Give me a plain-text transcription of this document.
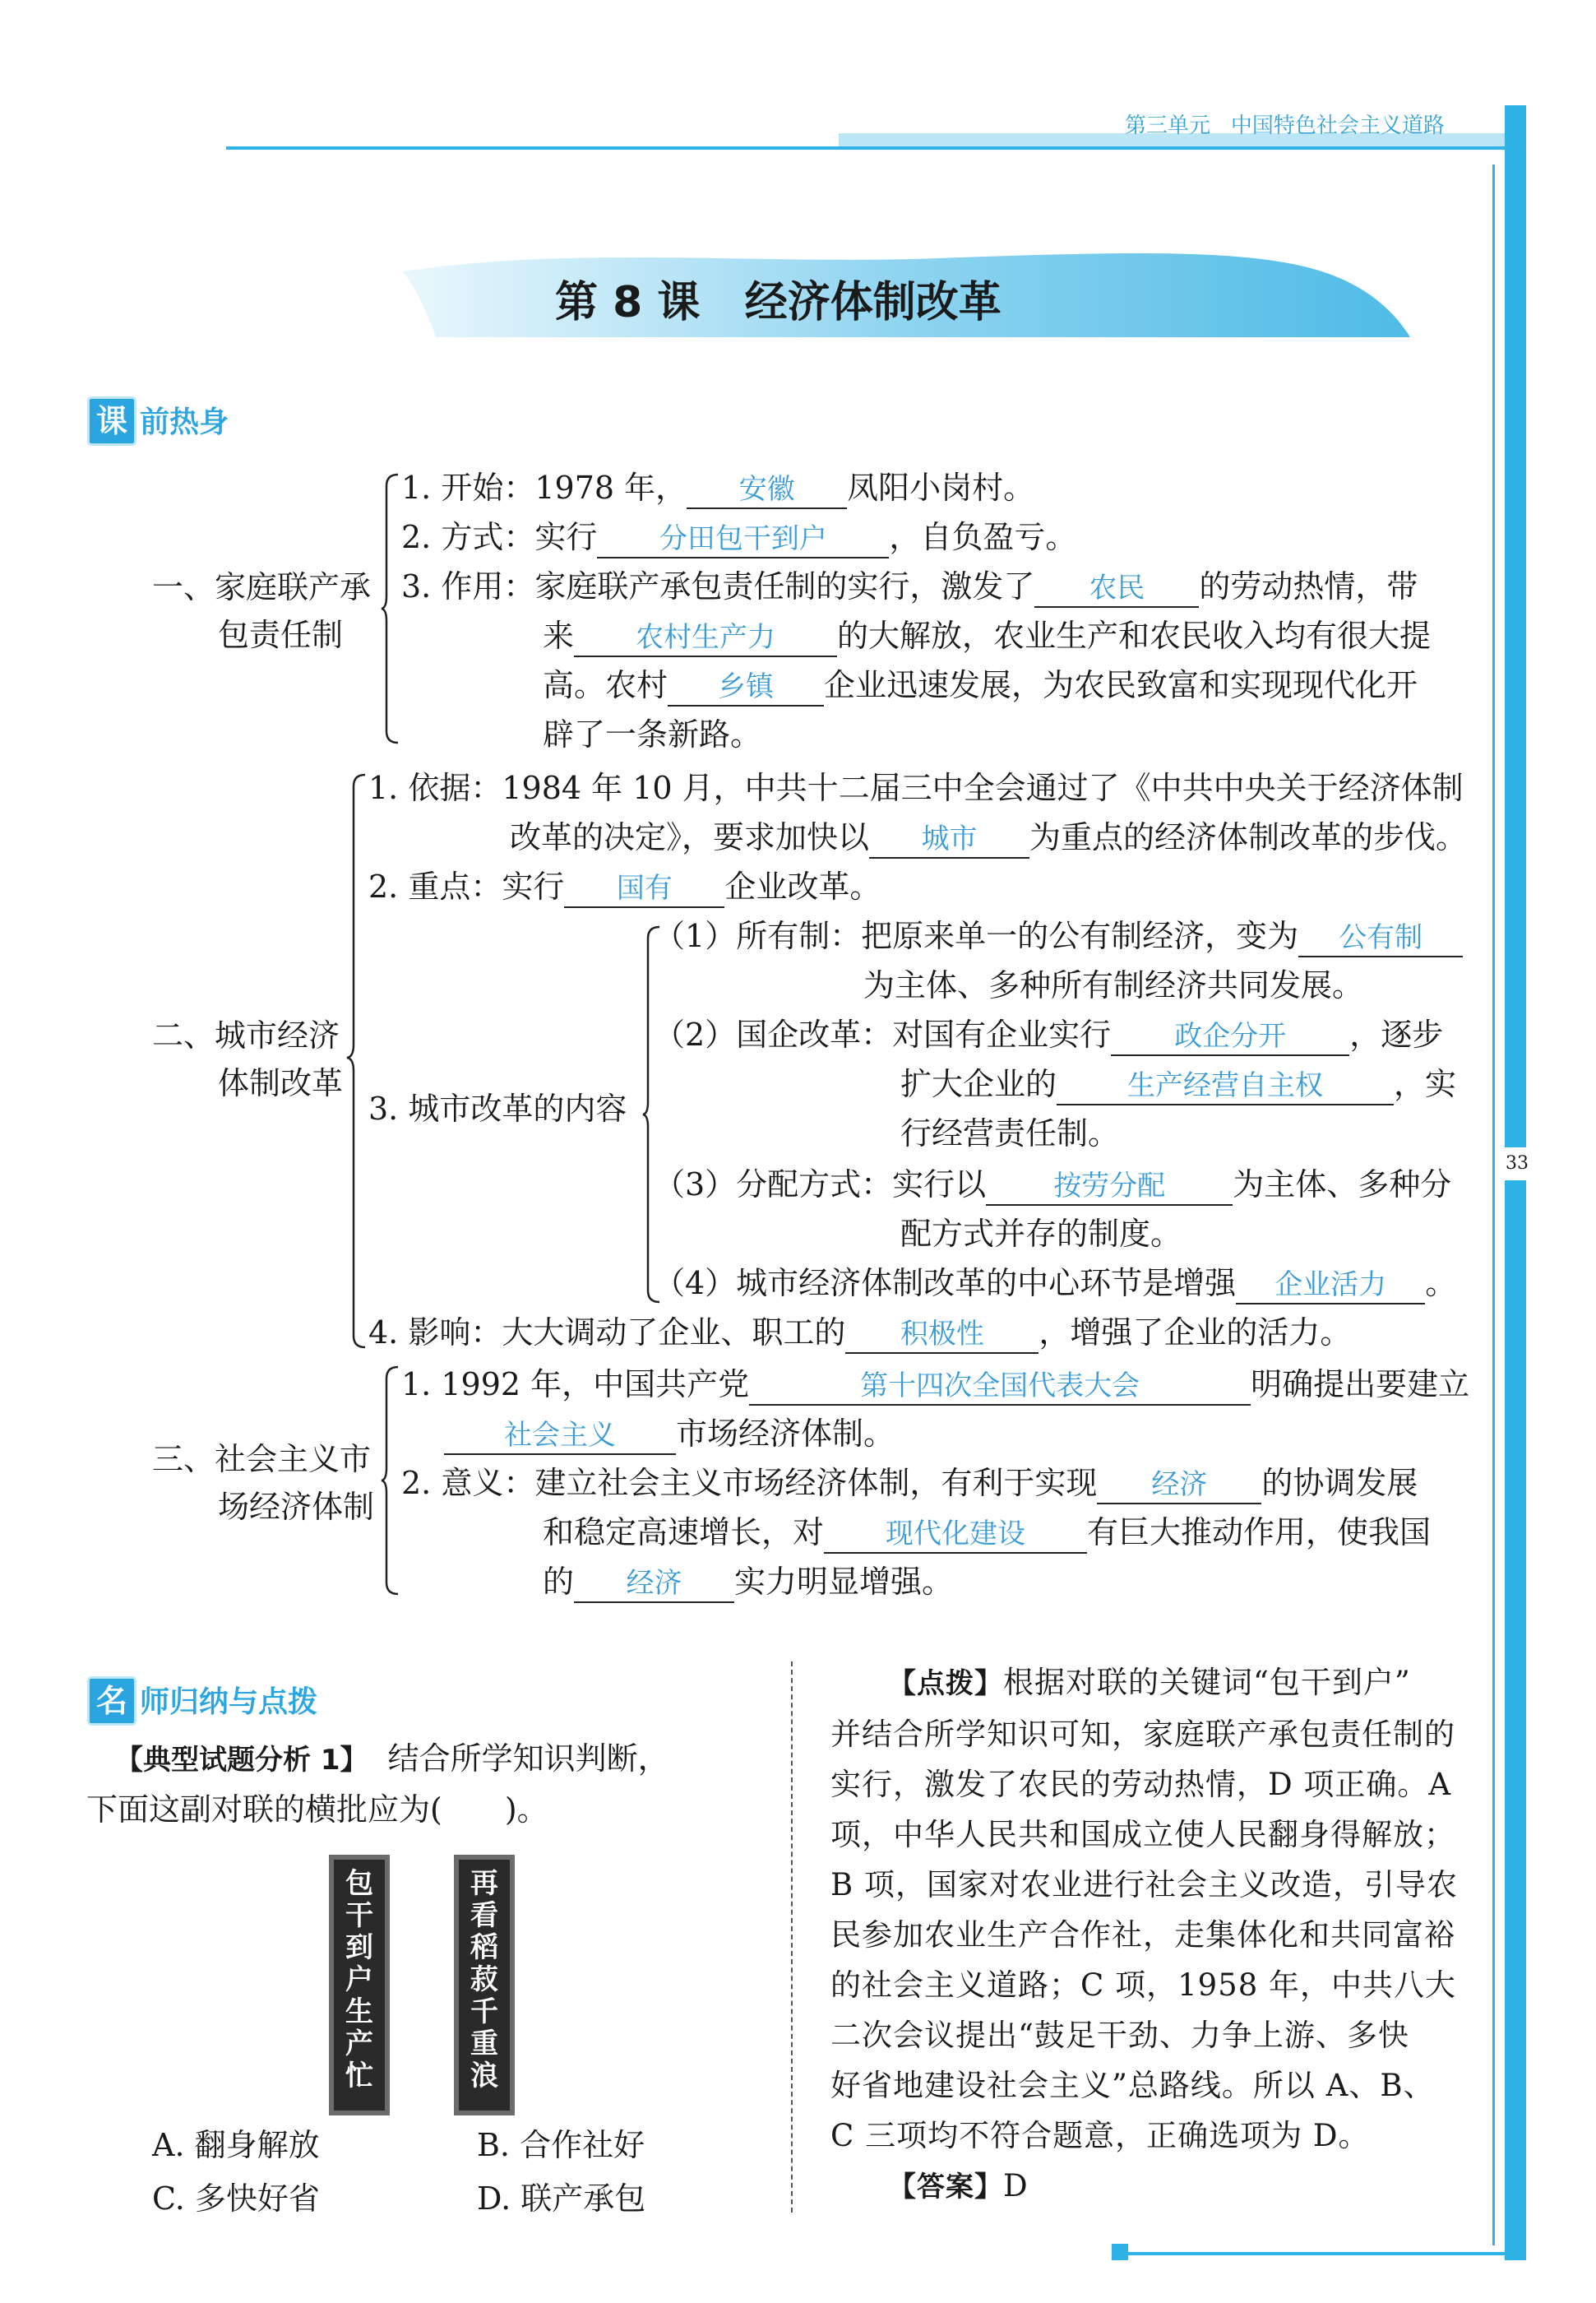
第三单元 中国特色社会主义道路
33
第 8 课 经济体制改革
课 前热身
一、家庭联产承
包责任制
1. 开始：1978 年， 安徽 凤阳小岗村。
2. 方式：实行 分田包干到户 ，自负盈亏。
3. 作用：家庭联产承包责任制的实行，激发了 农民 的劳动热情，带
来 农村生产力 的大解放，农业生产和农民收入均有很大提
高。农村 乡镇 企业迅速发展，为农民致富和实现现代化开
辟了一条新路。
二、城市经济
体制改革
1. 依据：1984 年 10 月，中共十二届三中全会通过了《中共中央关于经济体制
改革的决定》，要求加快以 城市 为重点的经济体制改革的步伐。
2. 重点：实行 国有 企业改革。
3. 城市改革的内容
（1）所有制：把原来单一的公有制经济，变为 公有制
为主体、多种所有制经济共同发展。
（2）国企改革：对国有企业实行 政企分开 ，逐步
扩大企业的	生产经营自主权 ，实
行经营责任制。
（3）分配方式：实行以 按劳分配 为主体、多种分
配方式并存的制度。
（4）城市经济体制改革的中心环节是增强 企业活力 。
4. 影响：大大调动了企业、职工的 积极性 ，增强了企业的活力。
三、社会主义市
场经济体制
1. 1992 年，中国共产党	第十四次全国代表大会	明确提出要建立
社会主义 市场经济体制。
2. 意义：建立社会主义市场经济体制，有利于实现 经济 的协调发展
和稳定高速增长，对 现代化建设 有巨大推动作用，使我国
的 经济 实力明显增强。
名 师归纳与点拨
【典型试题分析 1】 结合所学知识判断，
下面这副对联的横批应为(　　)。
包
干
到
户
生
产
忙
再
看
稻
菽
千
重
浪
A. 翻身解放	B. 合作社好
C. 多快好省	D. 联产承包
【点拨】根据对联的关键词“包干到户”
并结合所学知识可知，家庭联产承包责任制的
实行，激发了农民的劳动热情，D 项正确。A
项，中华人民共和国成立使人民翻身得解放；
B 项，国家对农业进行社会主义改造，引导农
民参加农业生产合作社，走集体化和共同富裕
的社会主义道路；C 项，1958 年，中共八大
二次会议提出“鼓足干劲、力争上游、多快
好省地建设社会主义”总路线。所以 A、B、
C 三项均不符合题意，正确选项为 D。
【答案】D
